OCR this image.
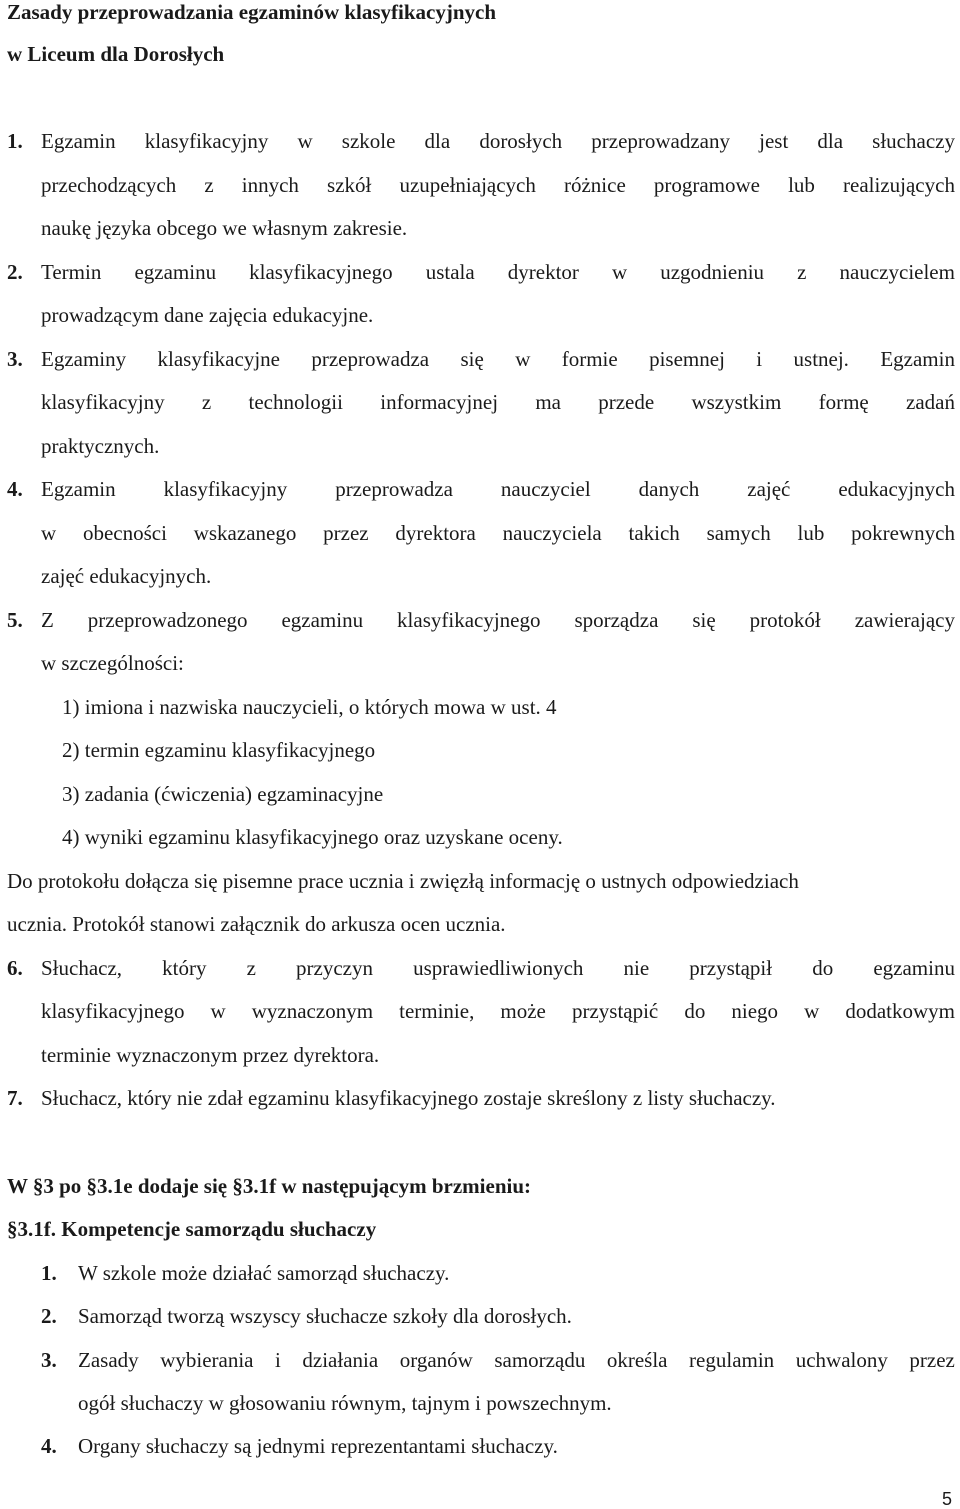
Zasady przeprowadzania egzaminów klasyfikacyjnych
w Liceum dla Dorosłych
1. Egzamin klasyfikacyjny w szkole dla dorosłych przeprowadzany jest dla słuchaczy
przechodzących z innych szkół uzupełniających różnice programowe lub realizujących
naukę języka obcego we własnym zakresie.
2. Termin egzaminu klasyfikacyjnego ustala dyrektor w uzgodnieniu z nauczycielem
prowadzącym dane zajęcia edukacyjne.
3. Egzaminy klasyfikacyjne przeprowadza się w formie pisemnej i ustnej. Egzamin
klasyfikacyjny z technologii informacyjnej ma przede wszystkim formę zadań
praktycznych.
4. Egzamin klasyfikacyjny przeprowadza nauczyciel danych zajęć edukacyjnych
w obecności wskazanego przez dyrektora nauczyciela takich samych lub pokrewnych
zajęć edukacyjnych.
5. Z przeprowadzonego egzaminu klasyfikacyjnego sporządza się protokół zawierający
w szczególności:
1) imiona i nazwiska nauczycieli, o których mowa w ust. 4
2) termin egzaminu klasyfikacyjnego
3) zadania (ćwiczenia) egzaminacyjne
4) wyniki egzaminu klasyfikacyjnego oraz uzyskane oceny.
Do protokołu dołącza się pisemne prace ucznia i zwięzłą informację o ustnych odpowiedziach
ucznia. Protokół stanowi załącznik do arkusza ocen ucznia.
6. Słuchacz, który z przyczyn usprawiedliwionych nie przystąpił do egzaminu
klasyfikacyjnego w wyznaczonym terminie, może przystąpić do niego w dodatkowym
terminie wyznaczonym przez dyrektora.
7. Słuchacz, który nie zdał egzaminu klasyfikacyjnego zostaje skreślony z listy słuchaczy.
W §3 po §3.1e dodaje się §3.1f w następującym brzmieniu:
§3.1f. Kompetencje samorządu słuchaczy
1. W szkole może działać samorząd słuchaczy.
2. Samorząd tworzą wszyscy słuchacze szkoły dla dorosłych.
3. Zasady wybierania i działania organów samorządu określa regulamin uchwalony przez
ogół słuchaczy w głosowaniu równym, tajnym i powszechnym.
4. Organy słuchaczy są jednymi reprezentantami słuchaczy.
5
